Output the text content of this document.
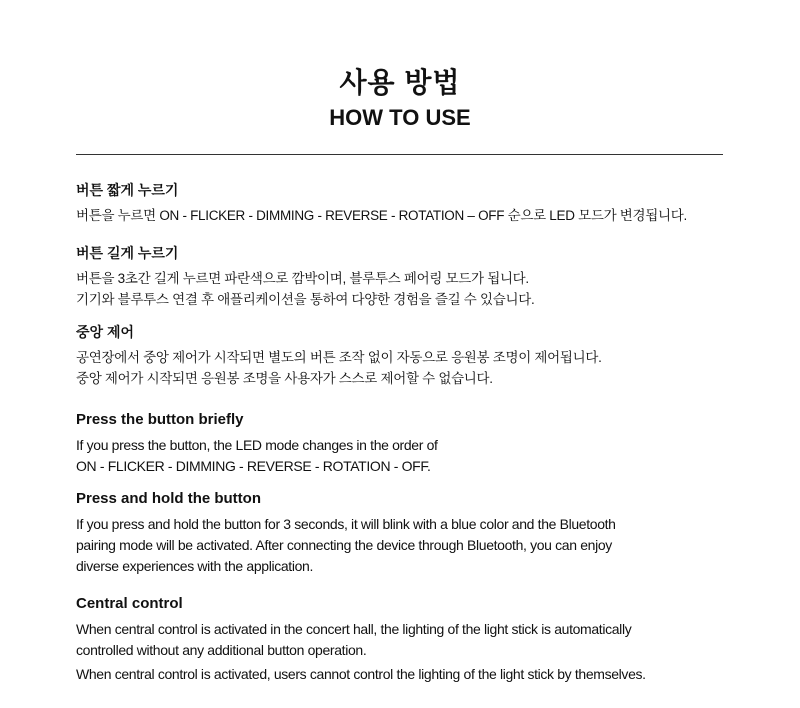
사용 방법
HOW TO USE

버튼 짧게 누르기

버튼을 누르면 ON - FLICKER - DIMMING - REVERSE - ROTATION – OFF 순으로 LED 모드가 변경됩니다.

버튼 길게 누르기

버튼을 3초간 길게 누르면 파란색으로 깜박이며, 블루투스 페어링 모드가 됩니다.

기기와 블루투스 연결 후 애플리케이션을 통하여 다양한 경험을 즐길 수 있습니다.

중앙 제어

공연장에서 중앙 제어가 시작되면 별도의 버튼 조작 없이 자동으로 응원봉 조명이 제어됩니다.

중앙 제어가 시작되면 응원봉 조명을 사용자가 스스로 제어할 수 없습니다.

Press the button briefly

If you press the button, the LED mode changes in the order of

ON - FLICKER - DIMMING - REVERSE - ROTATION - OFF.

Press and hold the button

If you press and hold the button for 3 seconds, it will blink with a blue color and the Bluetooth

pairing mode will be activated. After connecting the device through Bluetooth, you can enjoy

diverse experiences with the application.

Central control

When central control is activated in the concert hall, the lighting of the light stick is automatically

controlled without any additional button operation.

When central control is activated, users cannot control the lighting of the light stick by themselves.
